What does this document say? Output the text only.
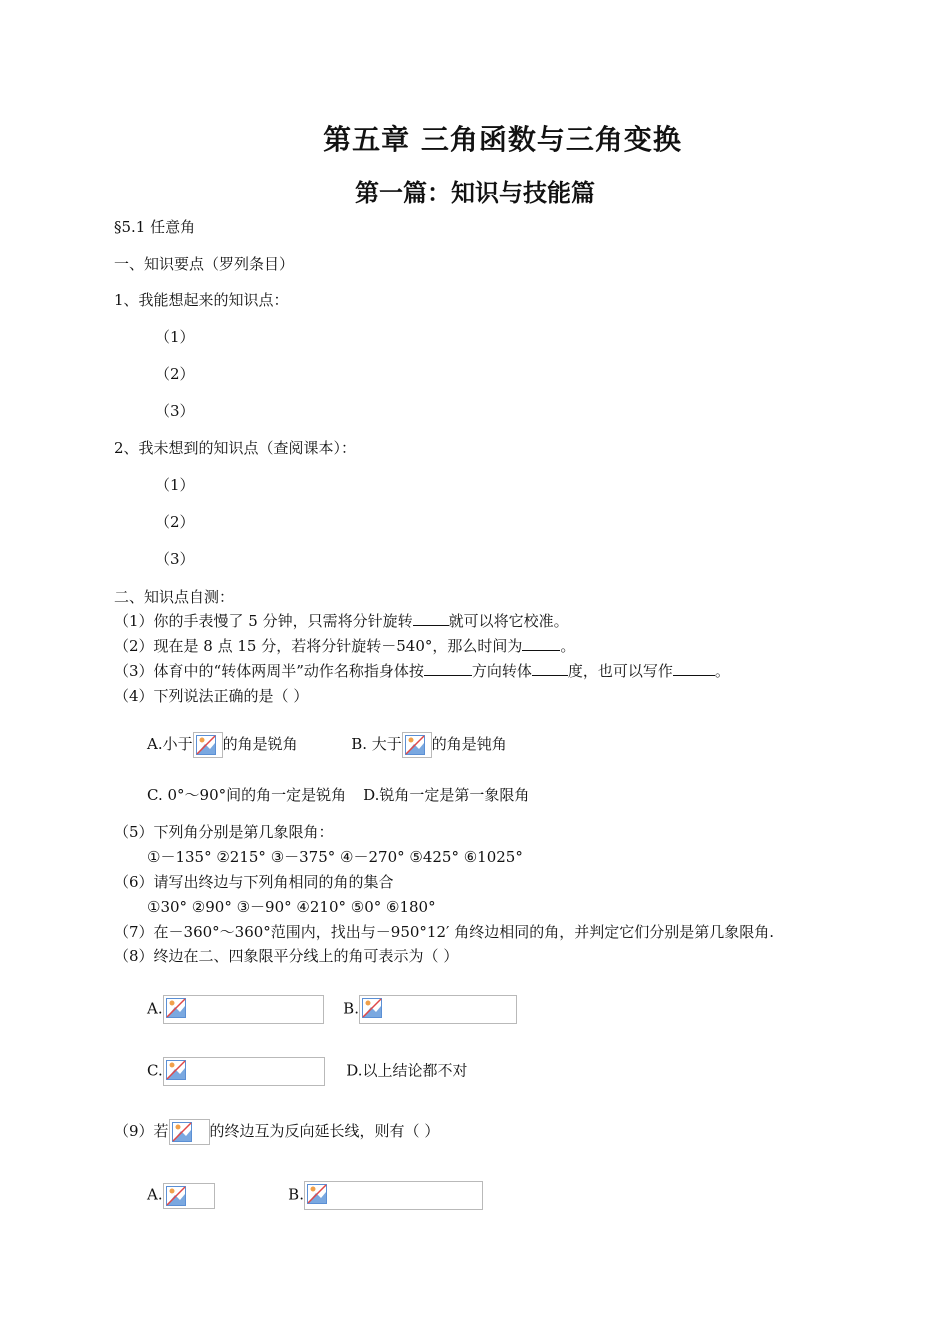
第五章 三角函数与三角变换
第一篇：知识与技能篇
§5.1 任意角
一、知识要点（罗列条目）
1、我能想起来的知识点：
（1）
（2）
（3）
2、我未想到的知识点（查阅课本）：
（1）
（2）
（3）
二、知识点自测：
（1）你的手表慢了 5 分钟，只需将分针旋转 就可以将它校准。
（2）现在是 8 点 15 分，若将分针旋转－540°，那么时间为	。
（3）体育中的“转体两周半”动作名称指身体按	方向转体 度，也可以写作	。
（4）下列说法正确的是（ ）
A.小于 的角是锐角	B. 大于 的角是钝角
C. 0°～90°间的角一定是锐角 D.锐角一定是第一象限角
（5）下列角分别是第几象限角：
①－135° ②215° ③－375° ④－270° ⑤425° ⑥1025°
（6）请写出终边与下列角相同的角的集合
①30° ②90° ③－90° ④210° ⑤0° ⑥180°
（7）在－360°～360°范围内，找出与－950°12′ 角终边相同的角，并判定它们分别是第几象限角.
（8）终边在二、四象限平分线上的角可表示为（ ）
A.	B.
C.	D.以上结论都不对
（9）若	的终边互为反向延长线，则有（ ）
A.	B.
